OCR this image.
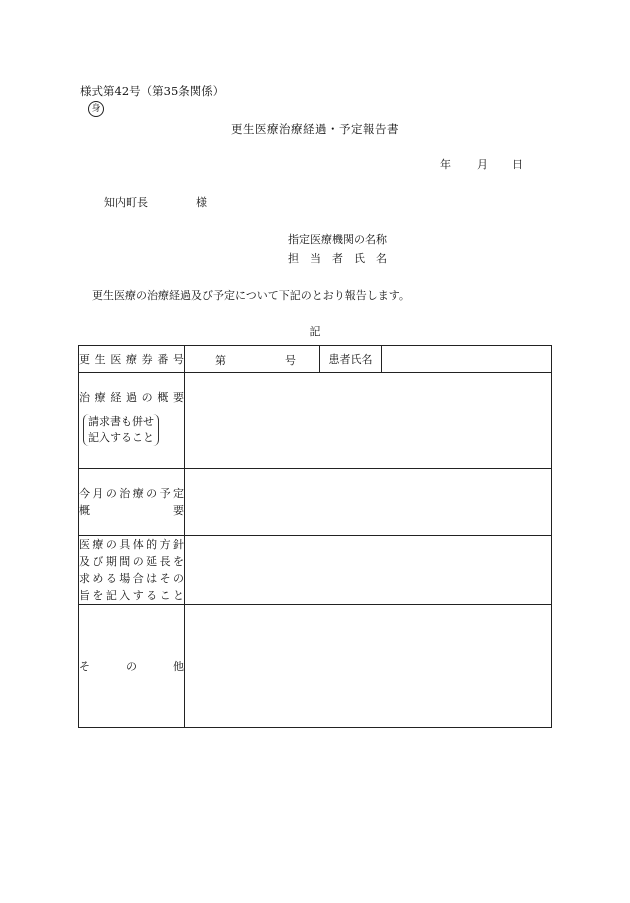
様式第42号（第35条関係）
身
更生医療治療経過・予定報告書
年 月 日
知内町長	様
指定医療機関の名称
担当者氏名
更生医療の治療経過及び予定について下記のとおり報告します。
記
更生医療券番号	第 号	患者氏名	

治療経過の概要
請求書も併せ
記入すること			

今月の治療の予定
概要			

医療の具体的方針
及び期間の延長を
求める場合はその
旨を記入すること			

その他			
